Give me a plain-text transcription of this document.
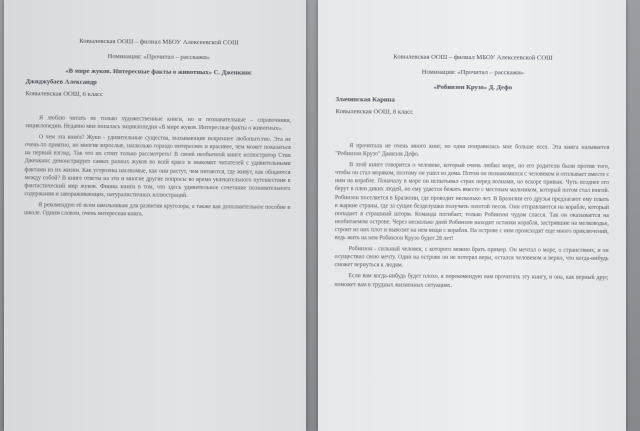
Ковылевская ООШ – филиал МБОУ Алексеевской СОШ

Номинация: «Прочитал – расскажи»

«В мире жуков. Интересные факты о животных» С. Дженкинс

Джиджубаев Александр

Ковылевская ООШ, 6 класс

Я люблю читать не только художественные книги, но и познавательные – справочники, энциклопедии. Недавно мне попалась энциклопедия «В мире жуков. Интересные факты о животных».

О чем эта книга? Жуки - удивительные существа, вызывающие искреннее любопытство. Эта не очень-то приятно, но многие взрослые, насколько гораздо интереснее и красивее, чем может показаться на первый взгляд. Так что их стоит только рассмотреть! В своей необычной книге иллюстратор Стив Дженкинс демонстрирует самых разных жуков во всей красе и знакомит читателей с удивительными фактами из их жизни. Как устроены насекомые, как они растут, чем питаются, где живут, как общаются между собой? В книге ответы на эти и многие другие вопросы во время увлекательного путешествия в фантастический мир жуков. Фишка книги в том, что здесь удивительное сочетание познавательного содержания и завораживающих, натуралистичных иллюстраций.

Я рекомендую её всем школьникам для развития кругозора, а также как дополнительное пособие в школе. Одним словом, очень интересная книга.

Ковылевская ООШ – филиал МБОУ Алексеевской СОШ

Номинация: «Прочитал – расскажи»

«Робинзон Крузо» Д. Дефо

Злачинская Карина

Ковылевская ООШ, 8 класс

Я прочитала не очень много книг, но одна понравилась мне больше всех. Эта книга называется "Робинзон Крузо" Даниэля Дефо.

В этой книге говорится о человеке, который очень любил море, но его родители были против того, чтобы он стал моряком, поэтому он ушел из дома. Потом он познакомился с человеком и отплывает вместе с ним на корабле. Поначалу в море он испытывал страх перед волнами, но вскоре привык. Чуть позднее его берут в плен диких людей, но ему удается бежать вместе с местным мальчиком, который потом стал юнгой. Робинзон поселяется в Бразилии, где проводит несколько лет. В Бразилии его друзья предлагают ему плыть в жаркие страны, где за сущие безделушки получить золотой песок. Они отправляются на корабле, который попадает в страшный шторм. Команда погибает, только Робинзон чудом спасся. Так он оказывается на необитаемом острове. Через несколько дней Робинзон находит останки корабля, застрявшие на мелководье, строит из них плот и вывозит на нем вещи с корабля. На острове с ним происходят еще много приключений, ведь жить на нем Робинзон Крузо будет 28 лет!

Робинзон - сильный человек, с которого можно брать пример. Он мечтал о море, о странствиях, и он осуществил свою мечту. Один на острове он не потерял веры, остался человеком и верил, что когда-нибудь сможет вернуться к людям.

Если вам когда-нибудь будет плохо, я порекомендую вам прочитать эту книгу, и она, как верный друг, поможет вам в трудных жизненных ситуациях.
